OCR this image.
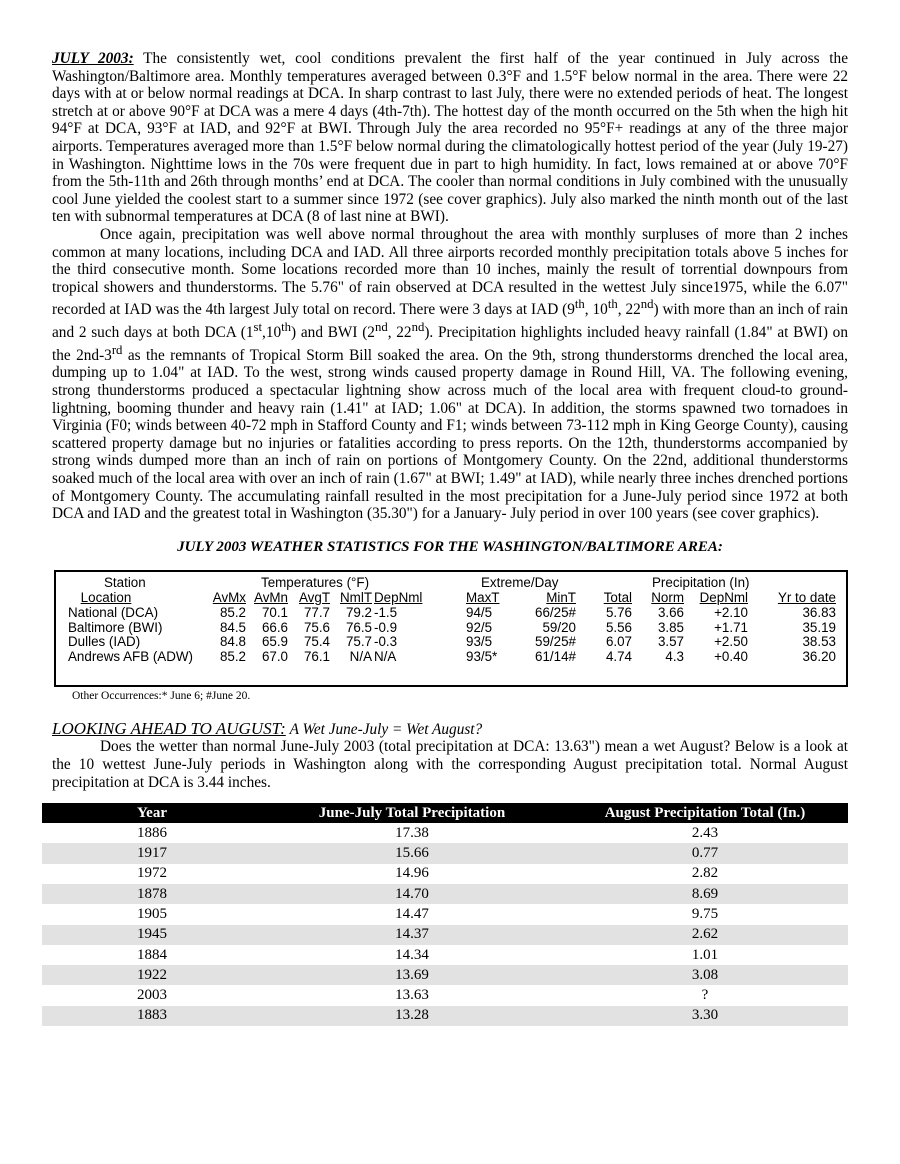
JULY 2003: The consistently wet, cool conditions prevalent the first half of the year continued in July across the Washington/Baltimore area. Monthly temperatures averaged between 0.3°F and 1.5°F below normal in the area. There were 22 days with at or below normal readings at DCA. In sharp contrast to last July, there were no extended periods of heat. The longest stretch at or above 90°F at DCA was a mere 4 days (4th-7th). The hottest day of the month occurred on the 5th when the high hit 94°F at DCA, 93°F at IAD, and 92°F at BWI. Through July the area recorded no 95°F+ readings at any of the three major airports. Temperatures averaged more than 1.5°F below normal during the climatologically hottest period of the year (July 19-27) in Washington. Nighttime lows in the 70s were frequent due in part to high humidity. In fact, lows remained at or above 70°F from the 5th-11th and 26th through months’ end at DCA. The cooler than normal conditions in July combined with the unusually cool June yielded the coolest start to a summer since 1972 (see cover graphics). July also marked the ninth month out of the last ten with subnormal temperatures at DCA (8 of last nine at BWI).

Once again, precipitation was well above normal throughout the area with monthly surpluses of more than 2 inches common at many locations, including DCA and IAD. All three airports recorded monthly precipitation totals above 5 inches for the third consecutive month. Some locations recorded more than 10 inches, mainly the result of torrential downpours from tropical showers and thunderstorms. The 5.76" of rain observed at DCA resulted in the wettest July since1975, while the 6.07" recorded at IAD was the 4th largest July total on record. There were 3 days at IAD (9th, 10th, 22nd) with more than an inch of rain and 2 such days at both DCA (1st,10th) and BWI (2nd, 22nd). Precipitation highlights included heavy rainfall (1.84" at BWI) on the 2nd-3rd as the remnants of Tropical Storm Bill soaked the area. On the 9th, strong thunderstorms drenched the local area, dumping up to 1.04" at IAD. To the west, strong winds caused property damage in Round Hill, VA. The following evening, strong thunderstorms produced a spectacular lightning show across much of the local area with frequent cloud-to ground-lightning, booming thunder and heavy rain (1.41" at IAD; 1.06" at DCA). In addition, the storms spawned two tornadoes in Virginia (F0; winds between 40-72 mph in Stafford County and F1; winds between 73-112 mph in King George County), causing scattered property damage but no injuries or fatalities according to press reports. On the 12th, thunderstorms accompanied by strong winds dumped more than an inch of rain on portions of Montgomery County. On the 22nd, additional thunderstorms soaked much of the local area with over an inch of rain (1.67" at BWI; 1.49" at IAD), while nearly three inches drenched portions of Montgomery County. The accumulating rainfall resulted in the most precipitation for a June-July period since 1972 at both DCA and IAD and the greatest total in Washington (35.30") for a January- July period in over 100 years (see cover graphics).

JULY 2003 WEATHER STATISTICS FOR THE WASHINGTON/BALTIMORE AREA:
Station	Temperatures (°F)	Extreme/Day	Precipitation (In)
Location	AvMx AvMn AvgT NmlT DepNml	MaxT	MinT	Total	Norm	DepNml	Yr to date
National (DCA)	85.2	70.1	77.7	79.2 -1.5	94/5	66/25#	5.76	3.66	+2.10	36.83
Baltimore (BWI)	84.5	66.6	75.6	76.5 -0.9	92/5	59/20	5.56	3.85	+1.71	35.19
Dulles (IAD)	84.8	65.9	75.4	75.7 -0.3	93/5	59/25#	6.07	3.57	+2.50	38.53
Andrews AFB (ADW)	85.2	67.0	76.1	N/A N/A	93/5*	61/14#	4.74	4.3	+0.40	36.20
Other Occurrences:* June 6; #June 20.
LOOKING AHEAD TO AUGUST: A Wet June-July = Wet August?

Does the wetter than normal June-July 2003 (total precipitation at DCA: 13.63") mean a wet August? Below is a look at the 10 wettest June-July periods in Washington along with the corresponding August precipitation total. Normal August precipitation at DCA is 3.44 inches.

Year	June-July Total Precipitation	August Precipitation Total (In.)
1886	17.38	2.43
1917	15.66	0.77
1972	14.96	2.82
1878	14.70	8.69
1905	14.47	9.75
1945	14.37	2.62
1884	14.34	1.01
1922	13.69	3.08
2003	13.63	?
1883	13.28	3.30
